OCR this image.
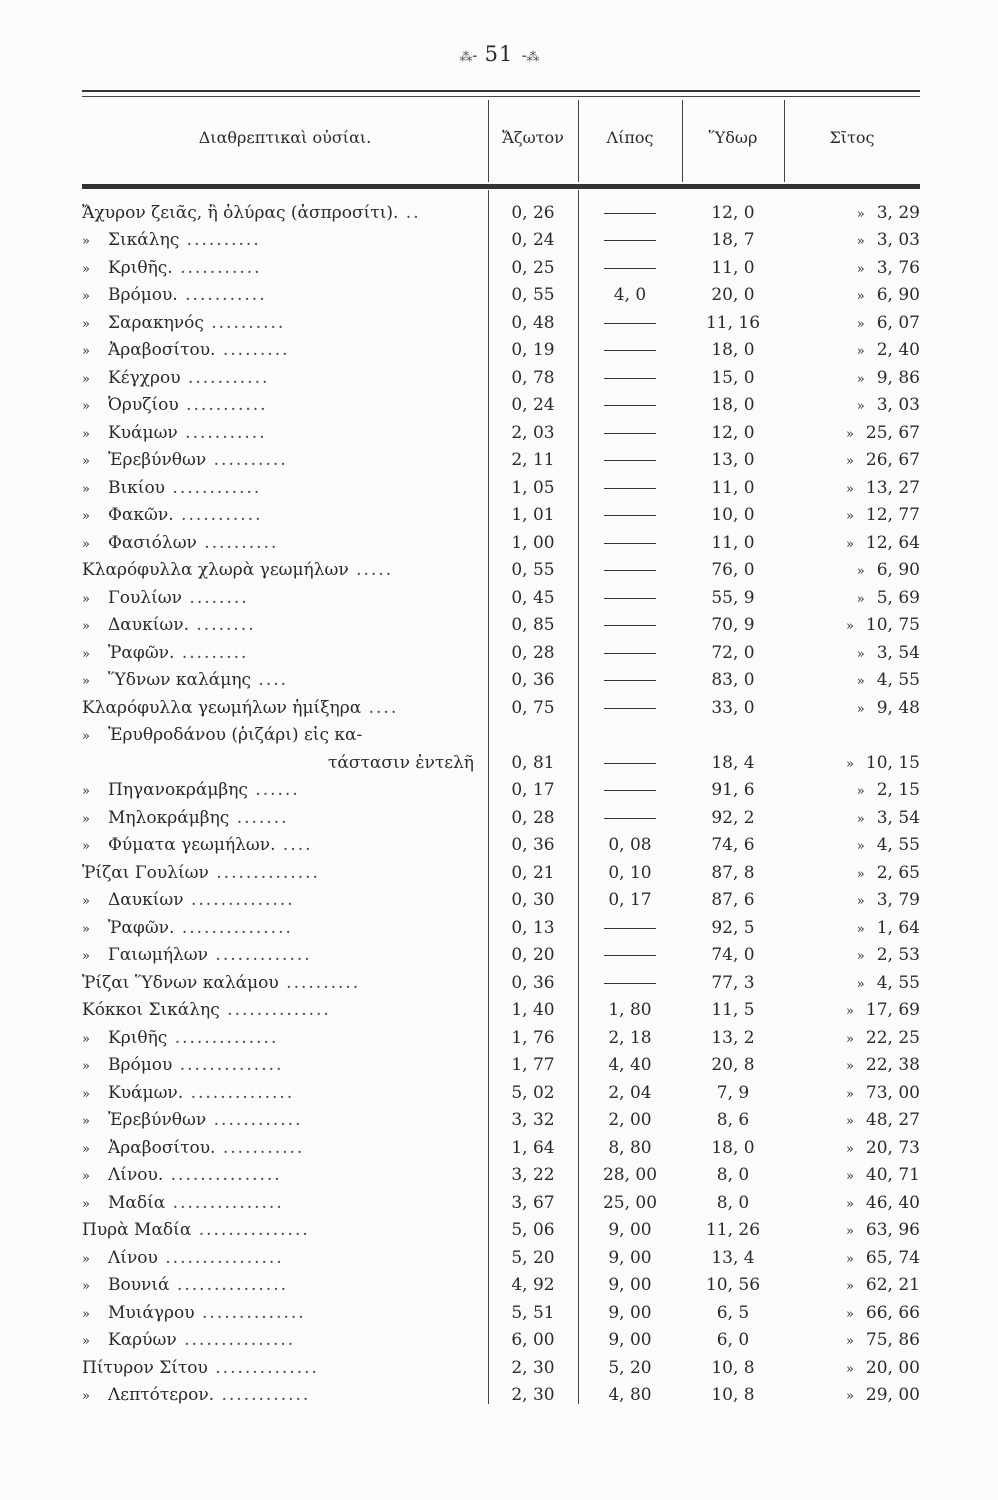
⁂⁃ 51 ⁃⁂
Διαθρεπτικαὶ οὐσίαι.	Ἄζωτον	Λίπος	Ὕδωρ	Σῖτος
Ἄχυρον ζειᾶς, ἢ ὀλύρας (ἀσπροσίτι). ..	0, 26		12, 0	» 3, 29
» Σικάλης ..........	0, 24		18, 7	» 3, 03
» Κριθῆς. ...........	0, 25		11, 0	» 3, 76
» Βρόμου. ...........	0, 55	4, 0	20, 0	» 6, 90
» Σαρακηνός ..........	0, 48		11, 16	» 6, 07
» Ἀραβοσίτου. .........	0, 19		18, 0	» 2, 40
» Κέγχρου ...........	0, 78		15, 0	» 9, 86
» Ὀρυζίου ...........	0, 24		18, 0	» 3, 03
» Κυάμων ...........	2, 03		12, 0	» 25, 67
» Ἐρεβύνθων ..........	2, 11		13, 0	» 26, 67
» Βικίου ............	1, 05		11, 0	» 13, 27
» Φακῶν. ...........	1, 01		10, 0	» 12, 77
» Φασιόλων ..........	1, 00		11, 0	» 12, 64
Κλαρόφυλλα χλωρὰ γεωμήλων .....	0, 55		76, 0	» 6, 90
» Γουλίων ........	0, 45		55, 9	» 5, 69
» Δαυκίων. ........	0, 85		70, 9	» 10, 75
» Ῥαφῶν. .........	0, 28		72, 0	» 3, 54
» Ὕδνων καλάμης ....	0, 36		83, 0	» 4, 55
Κλαρόφυλλα γεωμήλων ἡμίξηρα ....	0, 75		33, 0	» 9, 48
» Ἐρυθροδάνου (ῥιζάρι) εἰς κα-				
τάστασιν ἐντελῆ	0, 81		18, 4	» 10, 15
» Πηγανοκράμβης ......	0, 17		91, 6	» 2, 15
» Μηλοκράμβης .......	0, 28		92, 2	» 3, 54
» Φύματα γεωμήλων. ....	0, 36	0, 08	74, 6	» 4, 55
Ῥίζαι Γουλίων ..............	0, 21	0, 10	87, 8	» 2, 65
» Δαυκίων ..............	0, 30	0, 17	87, 6	» 3, 79
» Ῥαφῶν. ...............	0, 13		92, 5	» 1, 64
» Γαιωμήλων .............	0, 20		74, 0	» 2, 53
Ῥίζαι Ὕδνων καλάμου ..........	0, 36		77, 3	» 4, 55
Κόκκοι Σικάλης ..............	1, 40	1, 80	11, 5	» 17, 69
» Κριθῆς ..............	1, 76	2, 18	13, 2	» 22, 25
» Βρόμου ..............	1, 77	4, 40	20, 8	» 22, 38
» Κυάμων. ..............	5, 02	2, 04	7, 9	» 73, 00
» Ἐρεβύνθων ............	3, 32	2, 00	8, 6	» 48, 27
» Ἀραβοσίτου. ...........	1, 64	8, 80	18, 0	» 20, 73
» Λίνου. ...............	3, 22	28, 00	8, 0	» 40, 71
» Μαδία ...............	3, 67	25, 00	8, 0	» 46, 40
Πυρὰ Μαδία ...............	5, 06	9, 00	11, 26	» 63, 96
» Λίνου ................	5, 20	9, 00	13, 4	» 65, 74
» Βουνιά ...............	4, 92	9, 00	10, 56	» 62, 21
» Μυιάγρου ..............	5, 51	9, 00	6, 5	» 66, 66
» Καρύων ...............	6, 00	9, 00	6, 0	» 75, 86
Πίτυρον Σίτου ..............	2, 30	5, 20	10, 8	» 20, 00
» Λεπτότερον. ............	2, 30	4, 80	10, 8	» 29, 00
